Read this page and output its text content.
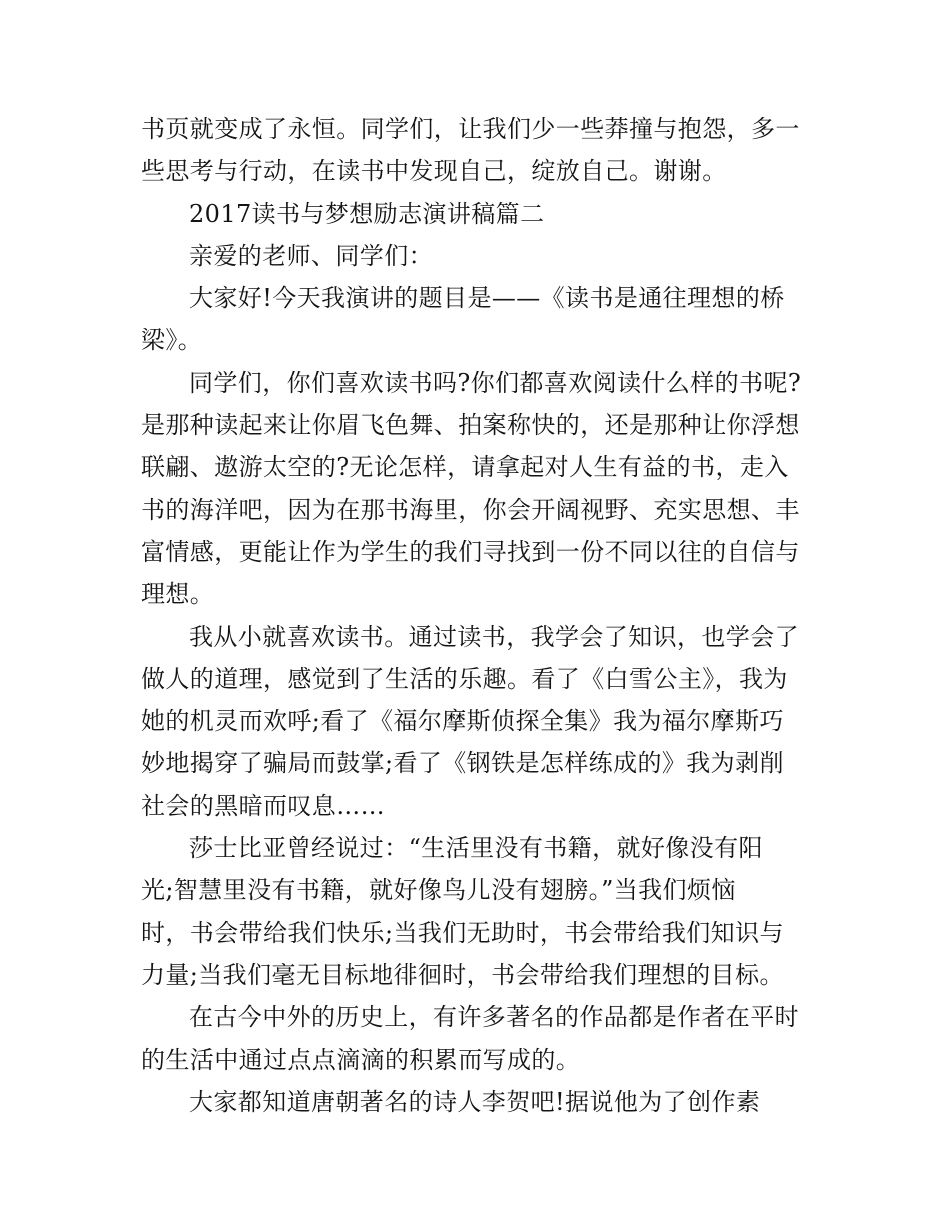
书页就变成了永恒。同学们，让我们少一些莽撞与抱怨，多一
些思考与行动，在读书中发现自己，绽放自己。谢谢。
2017读书与梦想励志演讲稿篇二
亲爱的老师、同学们：
大家好!今天我演讲的题目是——《读书是通往理想的桥
梁》。
同学们，你们喜欢读书吗?你们都喜欢阅读什么样的书呢?
是那种读起来让你眉飞色舞、拍案称快的，还是那种让你浮想
联翩、遨游太空的?无论怎样，请拿起对人生有益的书，走入
书的海洋吧，因为在那书海里，你会开阔视野、充实思想、丰
富情感，更能让作为学生的我们寻找到一份不同以往的自信与
理想。
我从小就喜欢读书。通过读书，我学会了知识，也学会了
做人的道理，感觉到了生活的乐趣。看了《白雪公主》，我为
她的机灵而欢呼;看了《福尔摩斯侦探全集》我为福尔摩斯巧
妙地揭穿了骗局而鼓掌;看了《钢铁是怎样练成的》我为剥削
社会的黑暗而叹息……
莎士比亚曾经说过：“生活里没有书籍，就好像没有阳
光;智慧里没有书籍，就好像鸟儿没有翅膀。”当我们烦恼
时，书会带给我们快乐;当我们无助时，书会带给我们知识与
力量;当我们毫无目标地徘徊时，书会带给我们理想的目标。
在古今中外的历史上，有许多著名的作品都是作者在平时
的生活中通过点点滴滴的积累而写成的。
大家都知道唐朝著名的诗人李贺吧!据说他为了创作素
